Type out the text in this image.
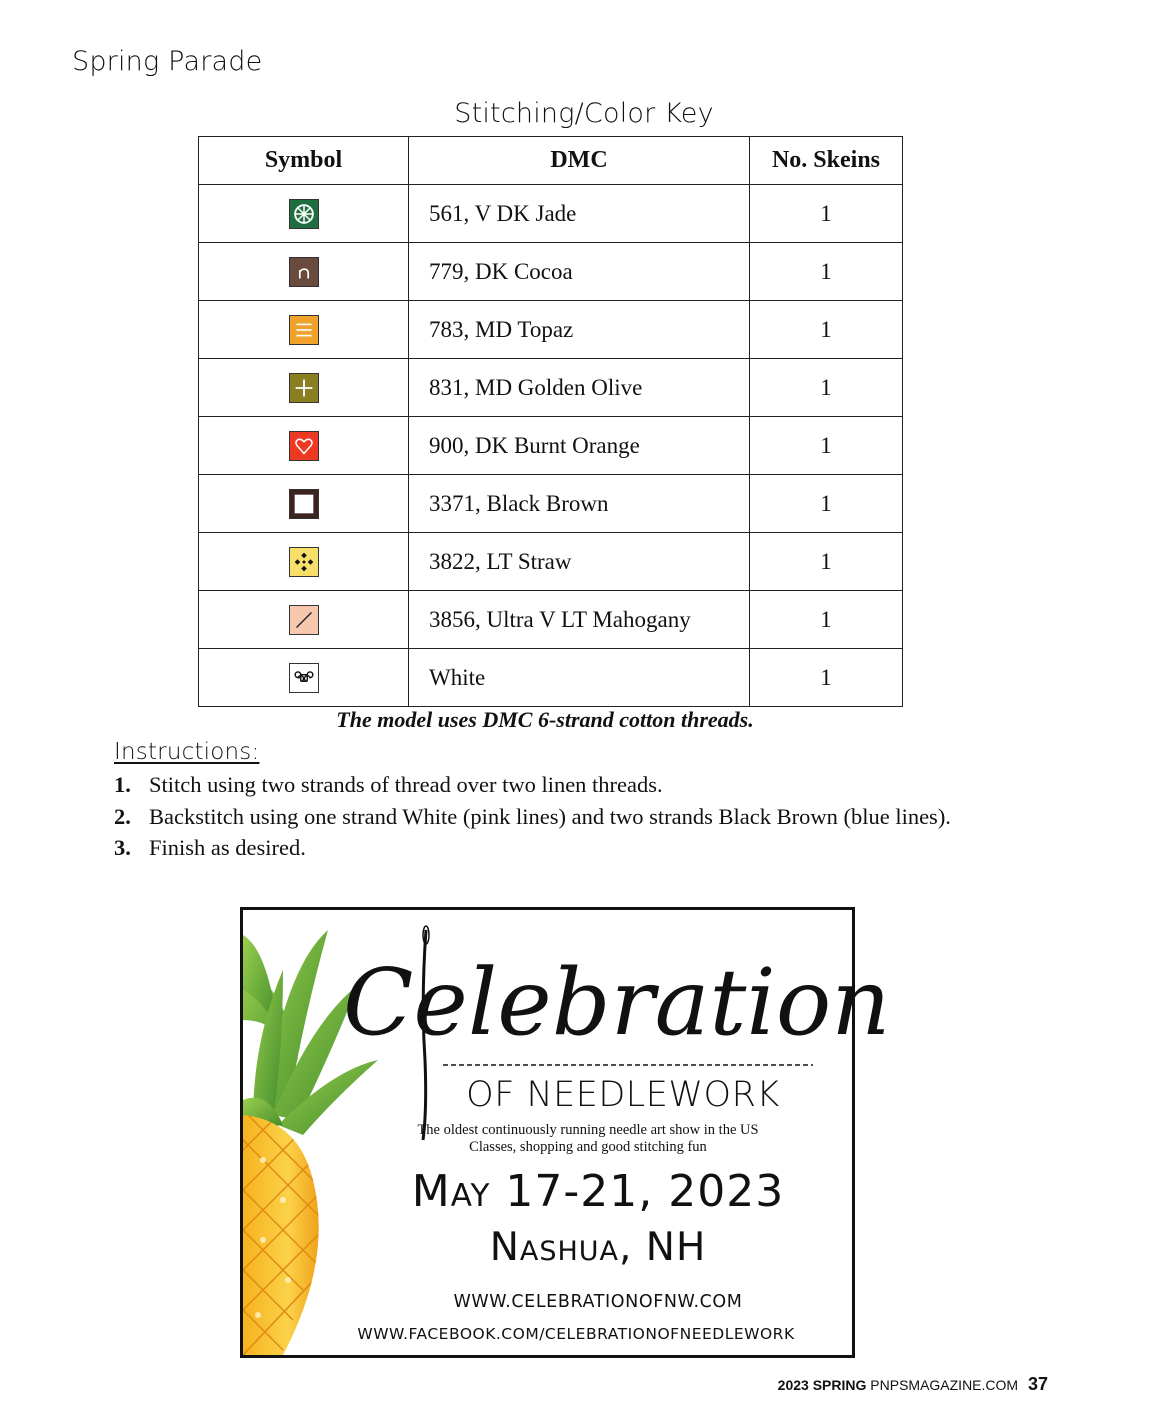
Spring Parade
Stitching/Color Key
Symbol	DMC	No. Skeins

	561, V DK Jade	1

	779, DK Cocoa	1

	783, MD Topaz	1

	831, MD Golden Olive	1

	900, DK Burnt Orange	1

	3371, Black Brown	1

	3822, LT Straw	1

	3856, Ultra V LT Mahogany	1

	White	1
The model uses DMC 6-strand cotton threads.
Instructions:
1. Stitch using two strands of thread over two linen threads.
2. Backstitch using one strand White (pink lines) and two strands Black Brown (blue lines).
3. Finish as desired.
Celebration
OF NEEDLEWORK
The oldest continuously running needle art show in the US
Classes, shopping and good stitching fun
May 17-21, 2023
Nashua, NH
WWW.CELEBRATIONOFNW.COM
WWW.FACEBOOK.COM/CELEBRATIONOFNEEDLEWORK
2023 SPRING PNPSMAGAZINE.COM 37
